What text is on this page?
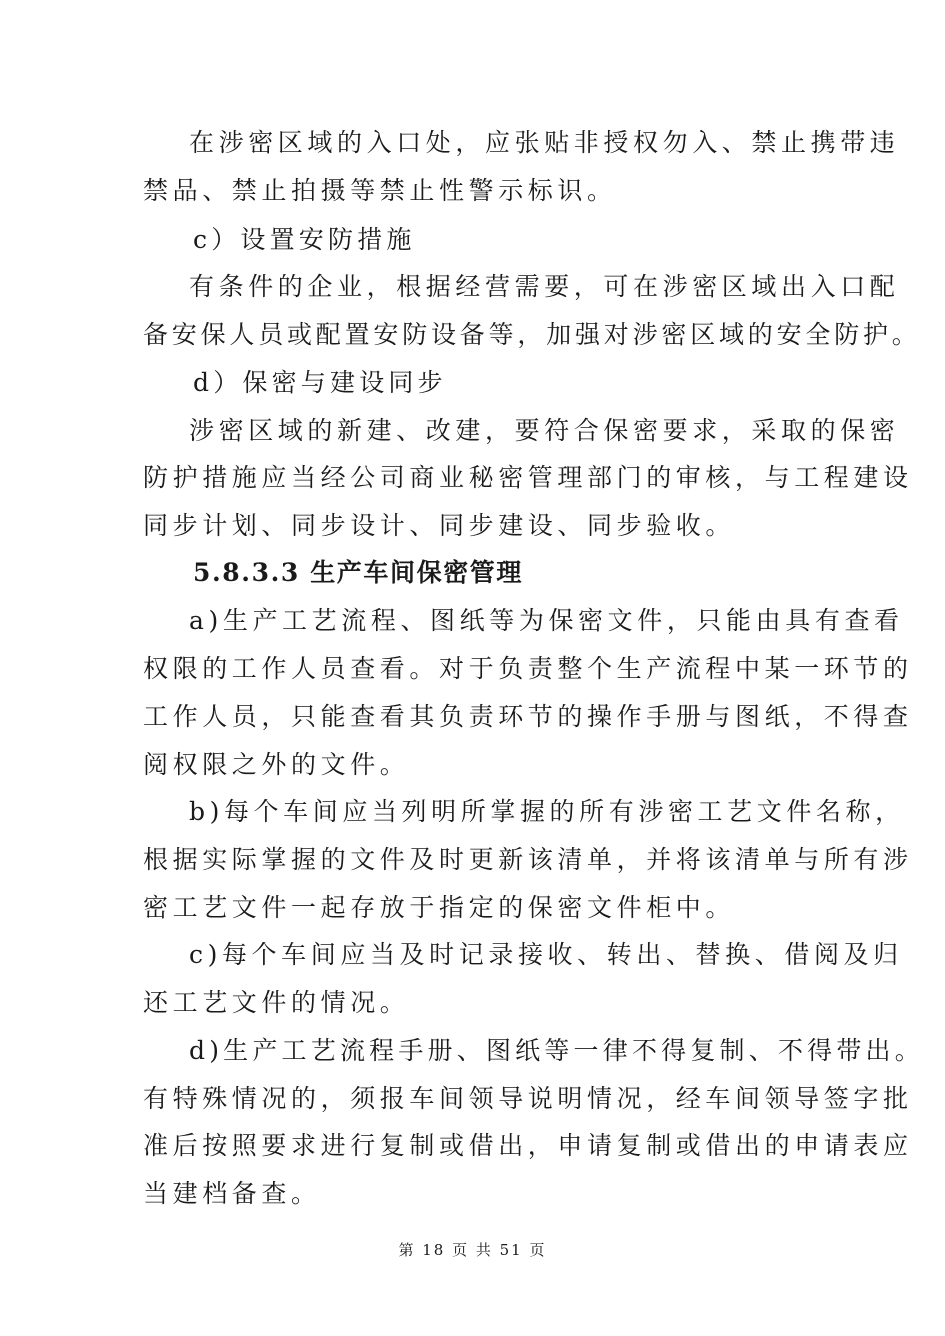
在涉密区域的入口处，应张贴非授权勿入、禁止携带违
禁品、禁止拍摄等禁止性警示标识。
c）设置安防措施
有条件的企业，根据经营需要，可在涉密区域出入口配
备安保人员或配置安防设备等，加强对涉密区域的安全防护。
d）保密与建设同步
涉密区域的新建、改建，要符合保密要求，采取的保密
防护措施应当经公司商业秘密管理部门的审核，与工程建设
同步计划、同步设计、同步建设、同步验收。
5.8.3.3 生产车间保密管理
a)生产工艺流程、图纸等为保密文件，只能由具有查看
权限的工作人员查看。对于负责整个生产流程中某一环节的
工作人员，只能查看其负责环节的操作手册与图纸，不得查
阅权限之外的文件。
b)每个车间应当列明所掌握的所有涉密工艺文件名称，
根据实际掌握的文件及时更新该清单，并将该清单与所有涉
密工艺文件一起存放于指定的保密文件柜中。
c)每个车间应当及时记录接收、转出、替换、借阅及归
还工艺文件的情况。
d)生产工艺流程手册、图纸等一律不得复制、不得带出。
有特殊情况的，须报车间领导说明情况，经车间领导签字批
准后按照要求进行复制或借出，申请复制或借出的申请表应
当建档备查。
第 18 页 共 51 页
